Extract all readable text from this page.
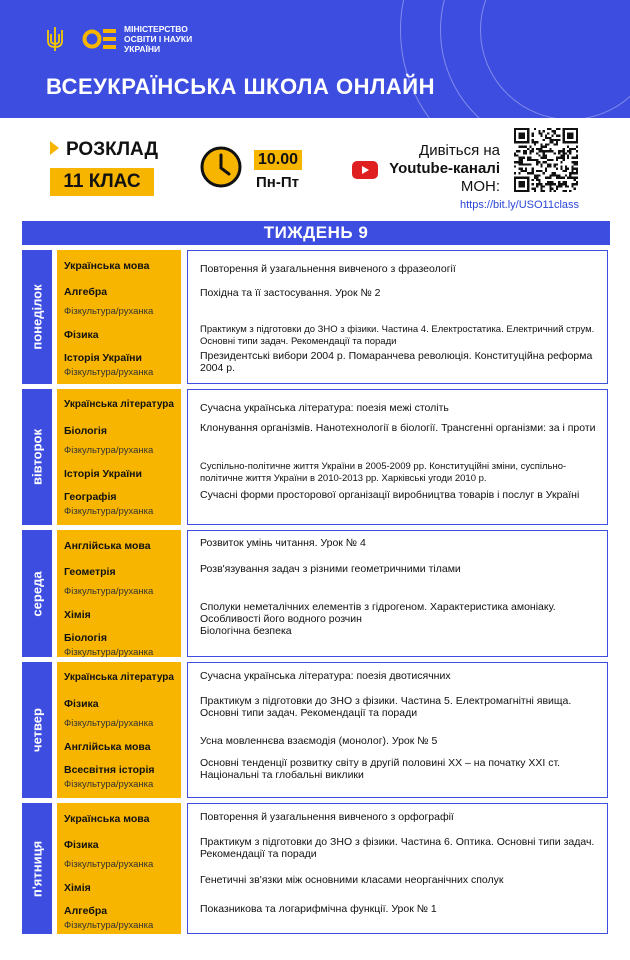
МІНІСТЕРСТВО
ОСВІТИ І НАУКИ
УКРАЇНИ
ВСЕУКРАЇНСЬКА ШКОЛА ОНЛАЙН
РОЗКЛАД
11 КЛАС
10.00
Пн-Пт
Дивіться на
Youtube-каналі
МОН:
https://bit.ly/USO11class
ТИЖДЕНЬ 9
понеділок
Українська мова
Алгебра
Фізика
Історія України
Фізкультура/руханка
Фізкультура/руханка
Повторення й узагальнення вивченого з фразеології
Похідна та її застосування. Урок № 2
Практикум з підготовки до ЗНО з фізики. Частина 4. Електростатика. Електричний струм. Основні типи задач. Рекомендації та поради
Президентські вибори 2004 р. Помаранчева революція. Конституційна реформа 2004 р.
вівторок
Українська література
Біологія
Історія України
Географія
Фізкультура/руханка
Фізкультура/руханка
Сучасна українська література: поезія межі століть
Клонування організмів. Нанотехнології в біології. Трансгенні організми: за і проти
Суспільно-політичне життя України в 2005-2009 рр. Конституційні зміни, суспільно-політичне життя України в 2010-2013 рр. Харківські угоди 2010 р.
Сучасні форми просторової організації виробництва товарів і послуг в Україні
середа
Англійська мова
Геометрія
Хімія
Біологія
Фізкультура/руханка
Фізкультура/руханка
Розвиток умінь читання. Урок № 4
Розв'язування задач з різними геометричними тілами
Сполуки неметалічних елементів з гідрогеном. Характеристика амоніаку. Особливості його водного розчин
Біологічна безпека
четвер
Українська література
Фізика
Англійська мова
Всесвітня історія
Фізкультура/руханка
Фізкультура/руханка
Сучасна українська література: поезія двотисячних
Практикум з підготовки до ЗНО з фізики. Частина 5. Електромагнітні явища. Основні типи задач. Рекомендації та поради
Усна мовленнєва взаємодія (монолог). Урок № 5
Основні тенденції розвитку світу в другій половині ХХ – на початку ХХІ ст. Національні та глобальні виклики
п'ятниця
Українська мова
Фізика
Хімія
Алгебра
Фізкультура/руханка
Фізкультура/руханка
Повторення й узагальнення вивченого з орфографії
Практикум з підготовки до ЗНО з фізики. Частина 6. Оптика. Основні типи задач. Рекомендації та поради
Генетичні зв'язки між основними класами неорганічних сполук
Показникова та логарифмічна функції. Урок № 1
